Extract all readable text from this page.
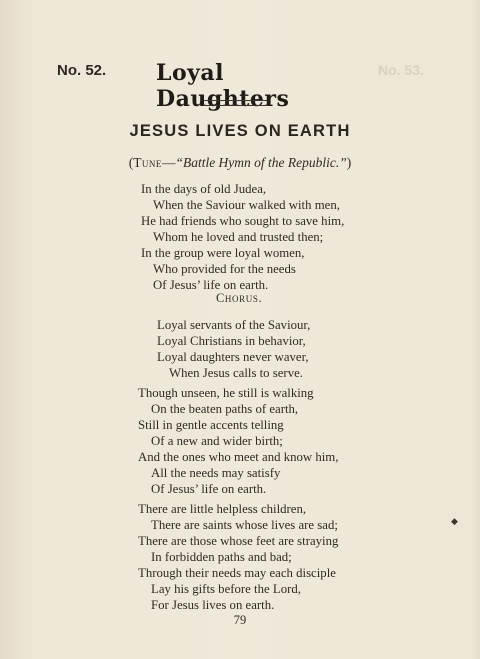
No. 53.
No. 52. Loyal Daughters
JESUS LIVES ON EARTH
(Tune—“Battle Hymn of the Republic.”)
In the days of old Judea,
When the Saviour walked with men,
He had friends who sought to save him,
Whom he loved and trusted then;
In the group were loyal women,
Who provided for the needs
Of Jesus’ life on earth.
Chorus.
Loyal servants of the Saviour,
Loyal Christians in behavior,
Loyal daughters never waver,
When Jesus calls to serve.
Though unseen, he still is walking
On the beaten paths of earth,
Still in gentle accents telling
Of a new and wider birth;
And the ones who meet and know him,
All the needs may satisfy
Of Jesus’ life on earth.
There are little helpless children,
There are saints whose lives are sad;
There are those whose feet are straying
In forbidden paths and bad;
Through their needs may each disciple
Lay his gifts before the Lord,
For Jesus lives on earth.
◆
79
